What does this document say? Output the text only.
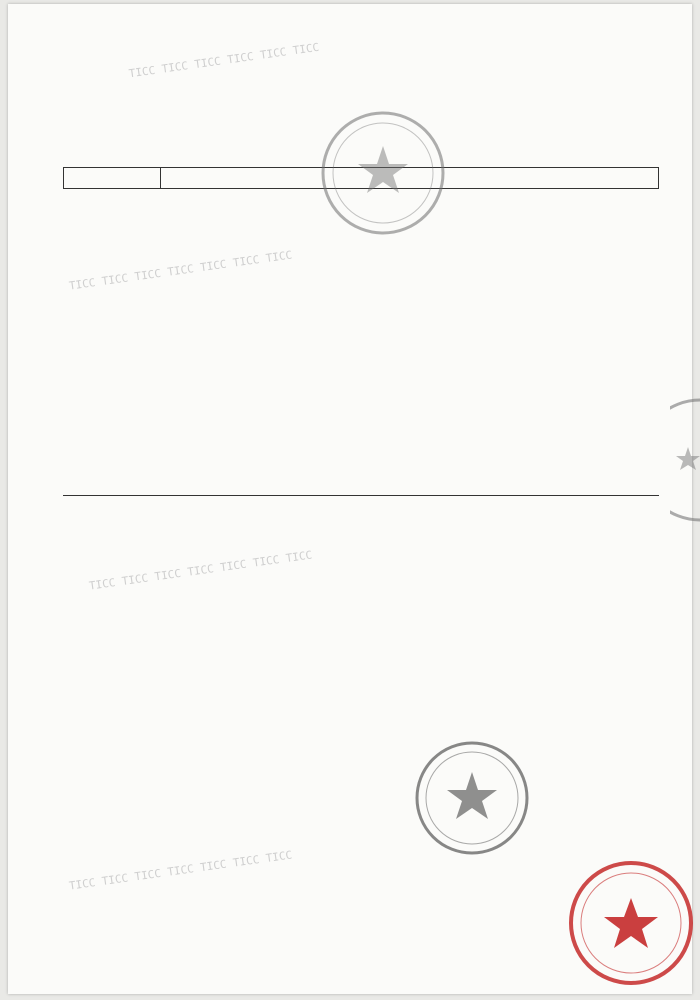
TICC TICC TICC TICC TICC TICC
TICC TICC TICC TICC TICC TICC TICC
TICC TICC TICC TICC TICC TICC TICC
TICC TICC TICC TICC TICC TICC TICC
